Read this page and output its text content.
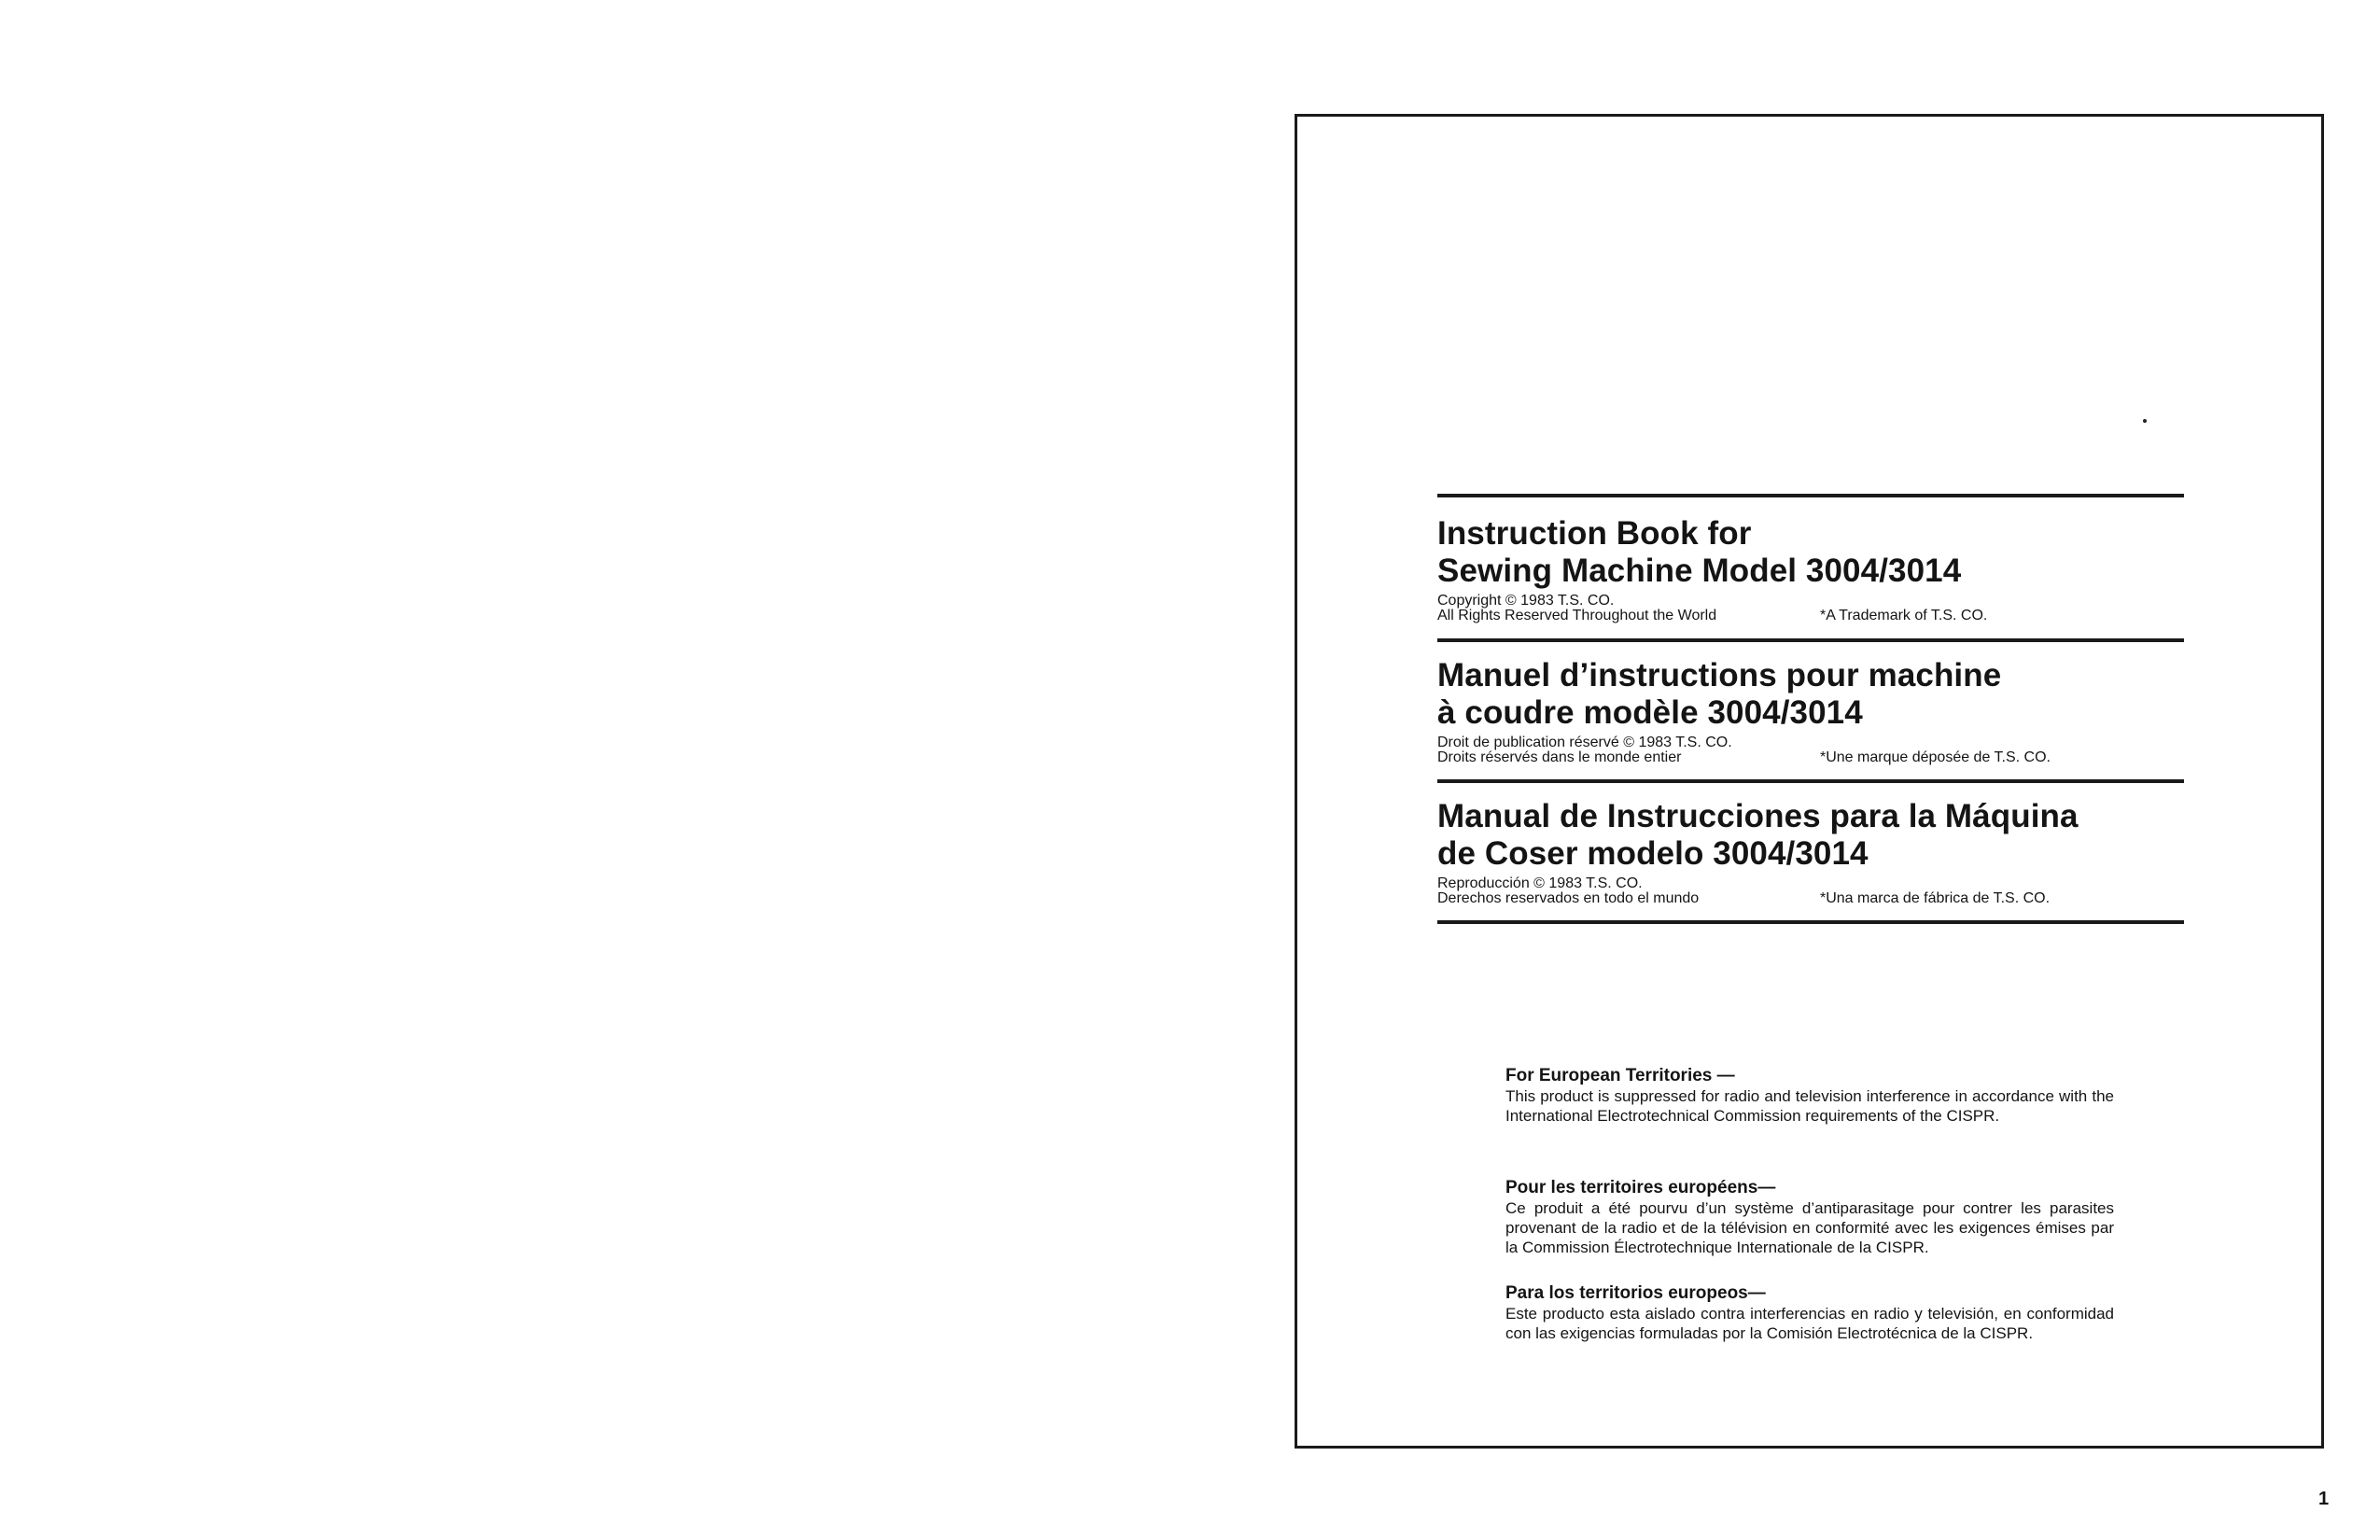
Instruction Book for
Sewing Machine Model 3004/3014
Copyright © 1983 T.S. CO.
All Rights Reserved Throughout the World	*A Trademark of T.S. CO.
Manuel d’instructions pour machine
à coudre modèle 3004/3014
Droit de publication réservé © 1983 T.S. CO.
Droits réservés dans le monde entier	*Une marque déposée de T.S. CO.
Manual de Instrucciones para la Máquina
de Coser modelo 3004/3014
Reproducción © 1983 T.S. CO.
Derechos reservados en todo el mundo	*Una marca de fábrica de T.S. CO.
For European Territories —
This product is suppressed for radio and television interference in accordance with the International Electrotechnical Commission requirements of the CISPR.
Pour les territoires européens—
Ce produit a été pourvu d’un système d’antiparasitage pour contrer les parasites provenant de la radio et de la télévision en conformité avec les exigences émises par la Commission Électrotechnique Internationale de la CISPR.
Para los territorios europeos—
Este producto esta aislado contra interferencias en radio y televisión, en conformidad con las exigencias formuladas por la Comisión Electrotécnica de la CISPR.
1
